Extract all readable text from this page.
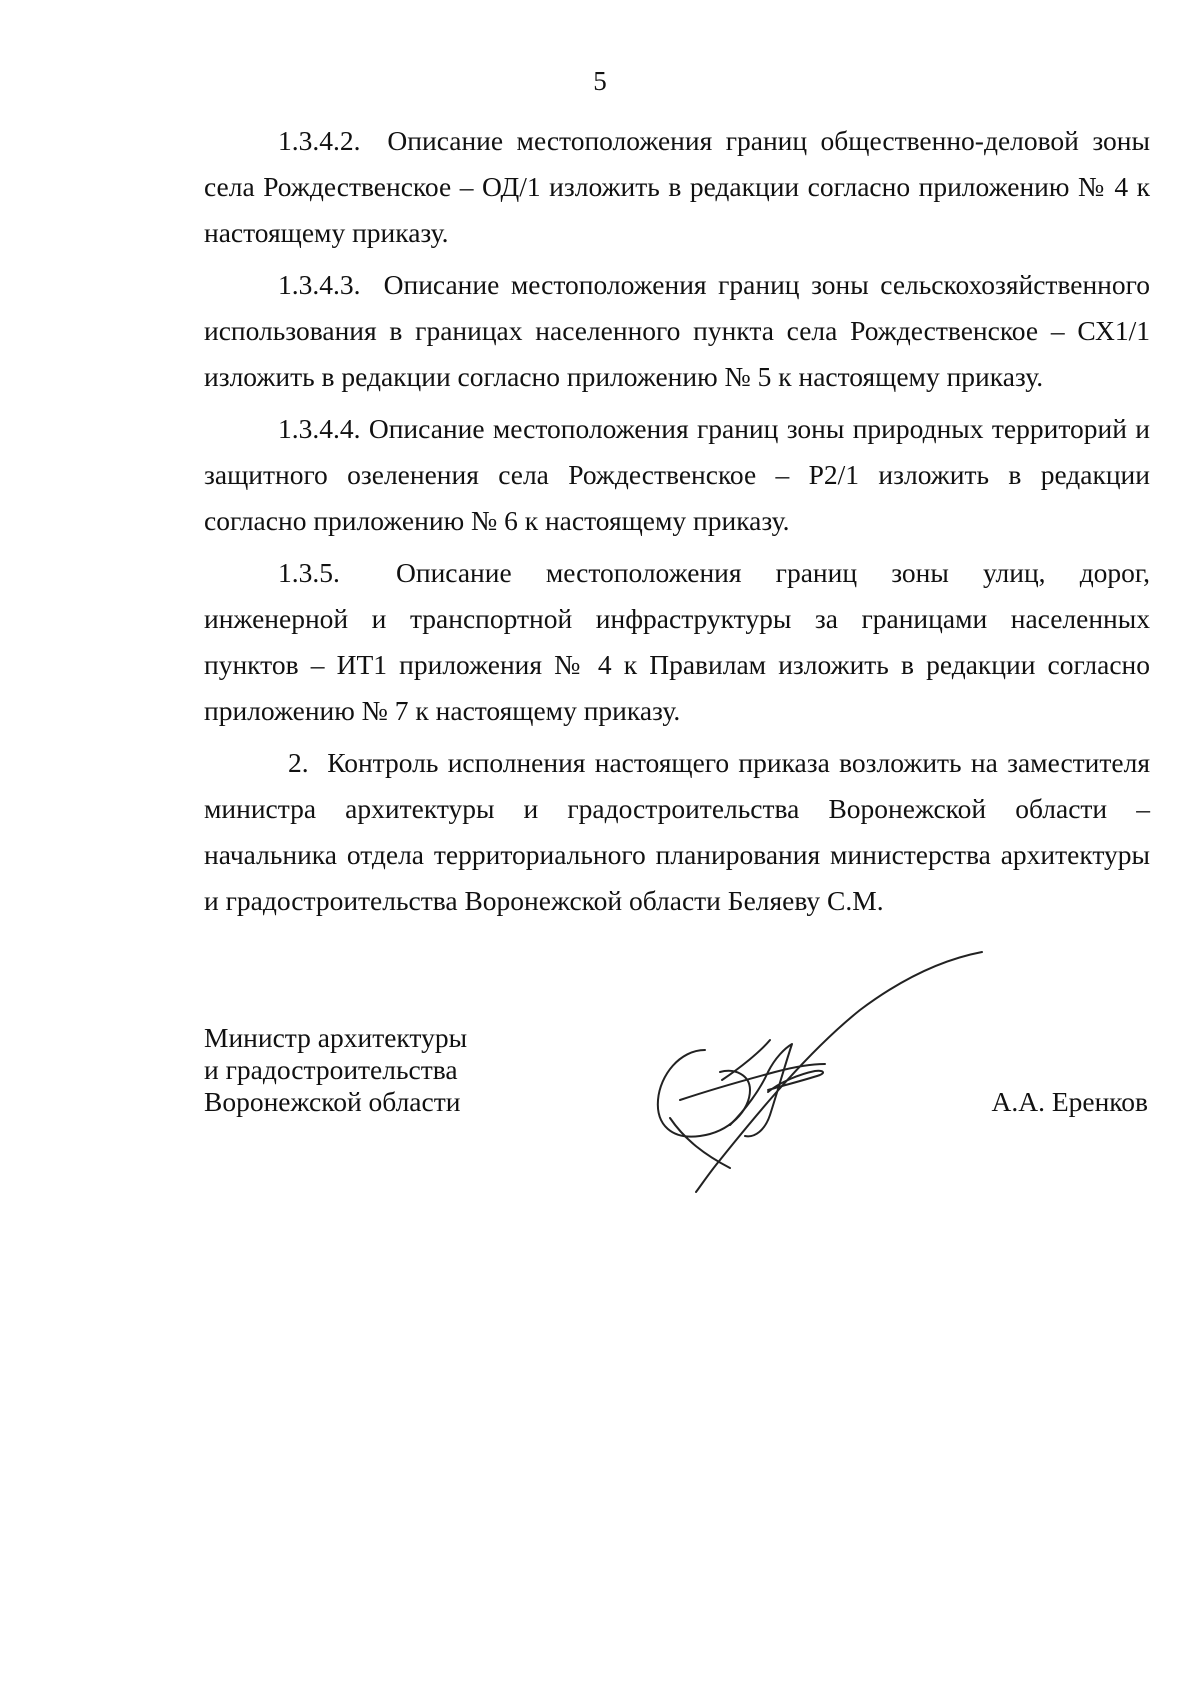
5

1.3.4.2. Описание местоположения границ общественно-деловой зоны села Рождественское – ОД/1 изложить в редакции согласно приложению № 4 к настоящему приказу.

1.3.4.3. Описание местоположения границ зоны сельскохозяйственного использования в границах населенного пункта села Рождественское – СХ1/1 изложить в редакции согласно приложению № 5 к настоящему приказу.

1.3.4.4. Описание местоположения границ зоны природных территорий и защитного озеленения села Рождественское – Р2/1 изложить в редакции согласно приложению № 6 к настоящему приказу.

1.3.5. Описание местоположения границ зоны улиц, дорог, инженерной и транспортной инфраструктуры за границами населенных пунктов – ИТ1 приложения № 4 к Правилам изложить в редакции согласно приложению № 7 к настоящему приказу.

2. Контроль исполнения настоящего приказа возложить на заместителя министра архитектуры и градостроительства Воронежской области – начальника отдела территориального планирования министерства архитектуры и градостроительства Воронежской области Беляеву С.М.

Министр архитектуры
и градостроительства
Воронежской области	А.А. Еренков
